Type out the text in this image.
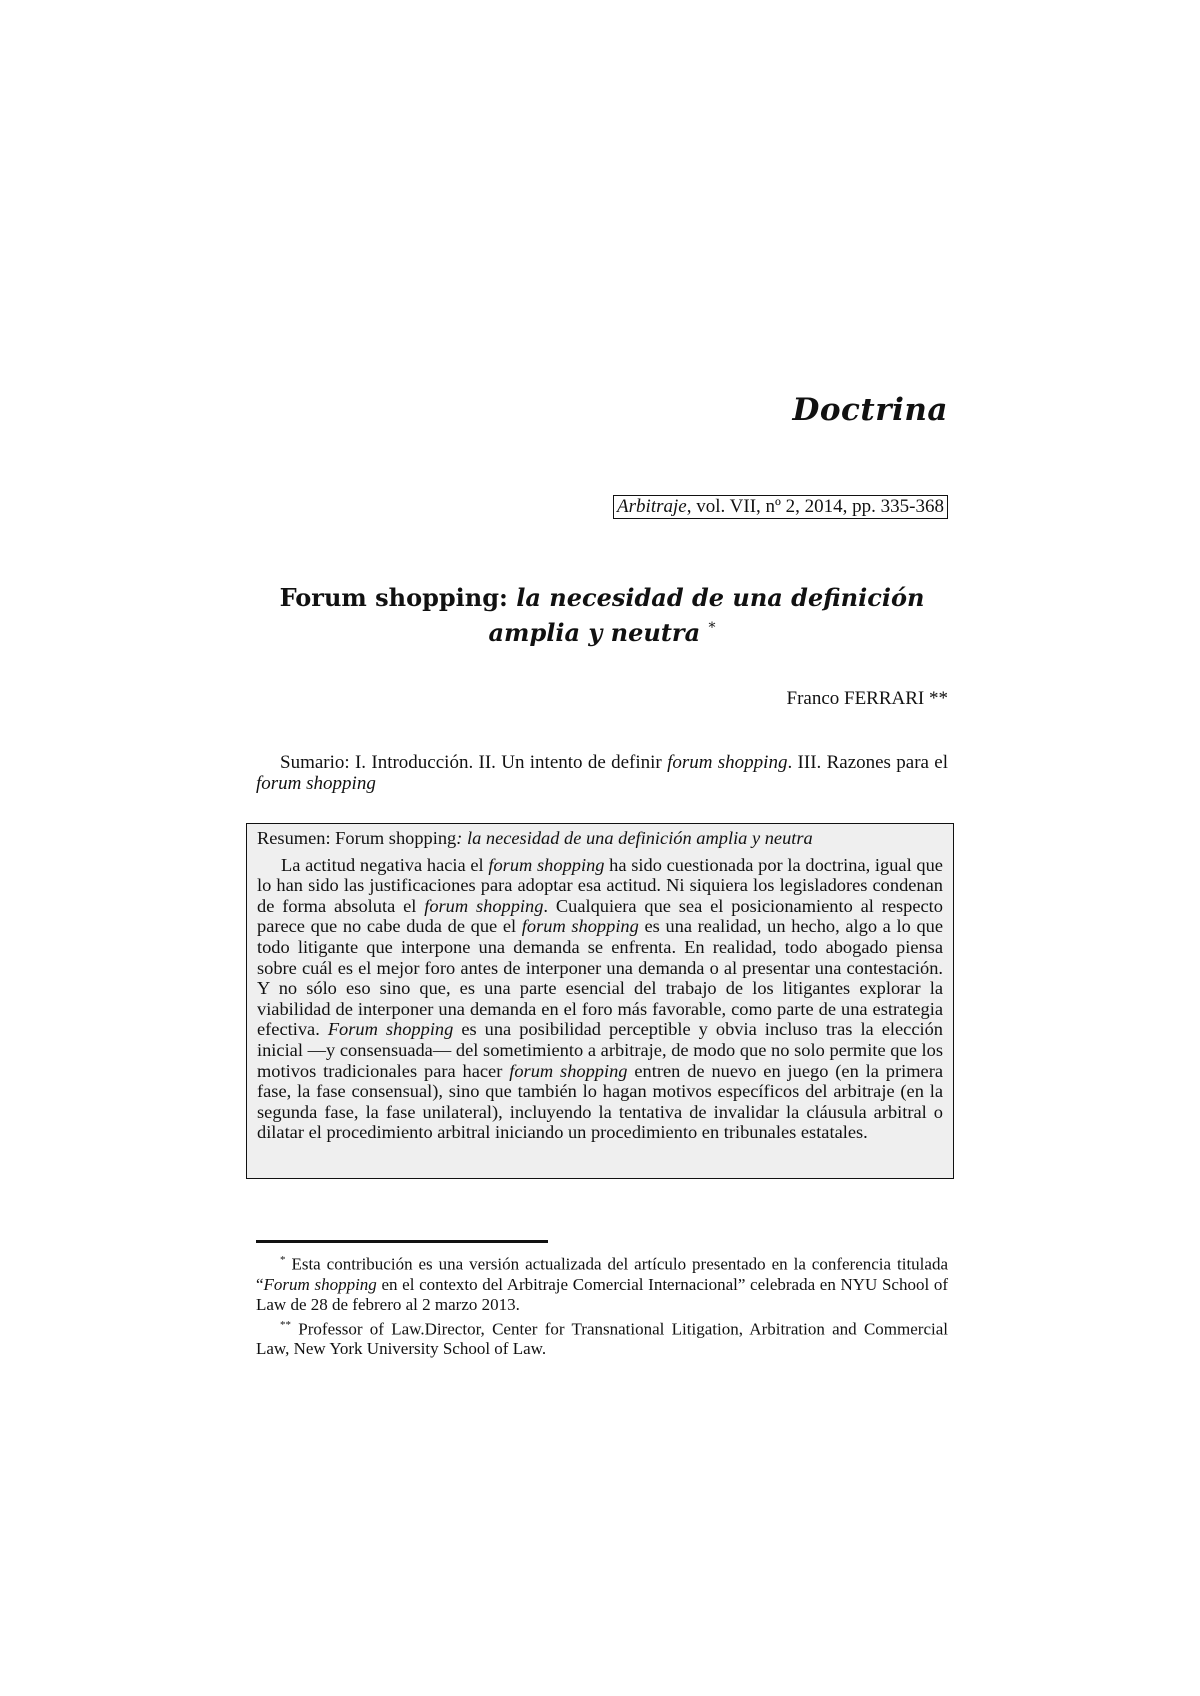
Doctrina
Arbitraje, vol. VII, nº 2, 2014, pp. 335-368
Forum shopping: la necesidad de una definición amplia y neutra *
Franco FERRARI **
Sumario: I. Introducción. II. Un intento de definir forum shopping. III. Razones para el forum shopping

Resumen: Forum shopping: la necesidad de una definición amplia y neutra

La actitud negativa hacia el forum shopping ha sido cuestionada por la doctrina, igual que lo han sido las justificaciones para adoptar esa actitud. Ni siquiera los legisladores condenan de forma absoluta el forum shopping. Cualquiera que sea el posicionamiento al respecto parece que no cabe duda de que el forum shopping es una realidad, un hecho, algo a lo que todo litigante que interpone una demanda se enfrenta. En realidad, todo abogado piensa sobre cuál es el mejor foro antes de interponer una demanda o al presentar una contestación. Y no sólo eso sino que, es una parte esencial del trabajo de los litigantes explorar la viabilidad de interponer una demanda en el foro más favorable, como parte de una estrategia efectiva. Forum shopping es una posibilidad perceptible y obvia incluso tras la elección inicial —y consensuada— del sometimiento a arbitraje, de modo que no solo permite que los motivos tradicionales para hacer forum shopping entren de nuevo en juego (en la primera fase, la fase consensual), sino que también lo hagan motivos específicos del arbitraje (en la segunda fase, la fase unilateral), incluyendo la tentativa de invalidar la cláusula arbitral o dilatar el procedimiento arbitral iniciando un procedimiento en tribunales estatales.

* Esta contribución es una versión actualizada del artículo presentado en la conferencia titulada “Forum shopping en el contexto del Arbitraje Comercial Internacional” celebrada en NYU School of Law de 28 de febrero al 2 marzo 2013.

** Professor of Law.Director, Center for Transnational Litigation, Arbitration and Commercial Law, New York University School of Law.
